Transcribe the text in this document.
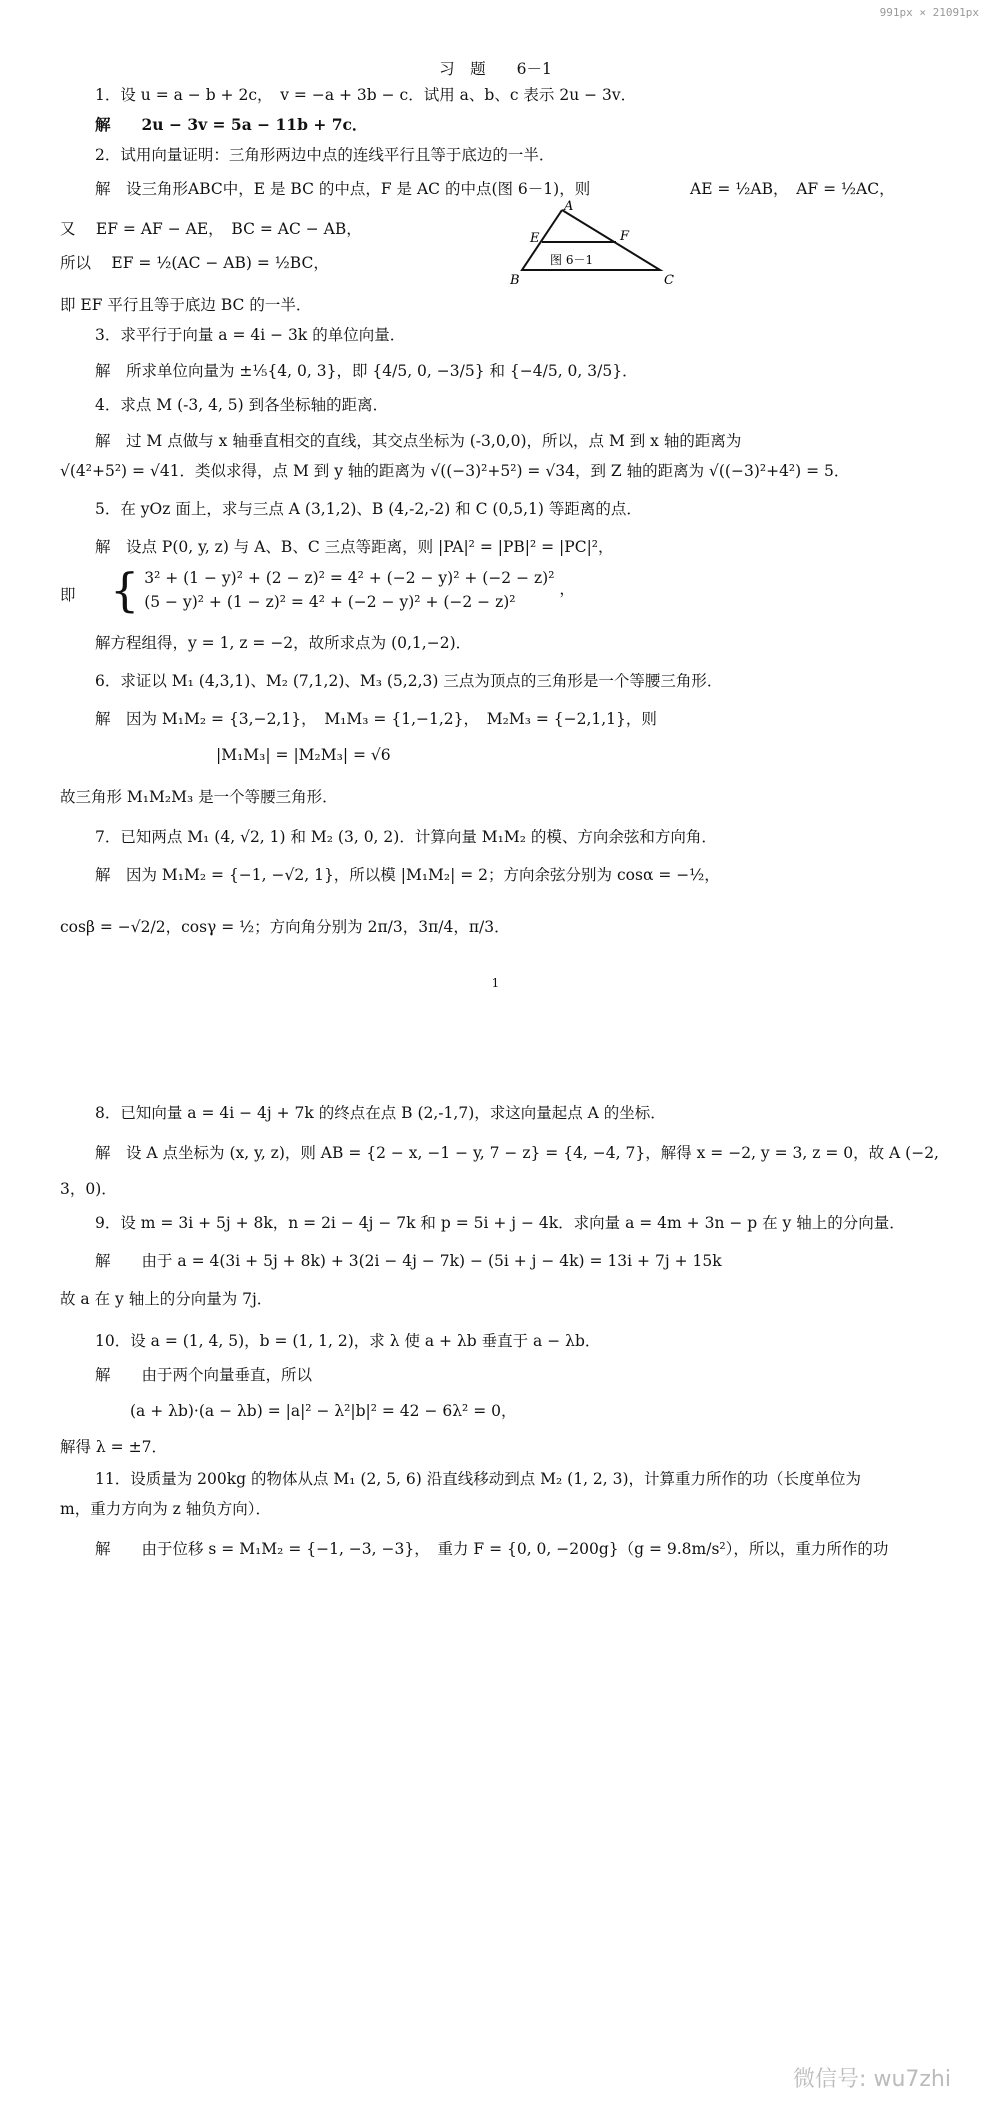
991px × 21091px
习　题　　6－1
1．设 u = a − b + 2c，　v = −a + 3b − c．试用 a、b、c 表示 2u − 3v．
解　　2u − 3v = 5a − 11b + 7c．
2．试用向量证明：三角形两边中点的连线平行且等于底边的一半．
解　设三角形ABC中，E 是 BC 的中点，F 是 AC 的中点(图 6－1)，则	AE = ½AB，　AF = ½AC，
又　 EF = AF − AE，　BC = AC − AB，
所以　 EF = ½(AC − AB) = ½BC，
即 EF 平行且等于底边 BC 的一半．
A
E	F
B	C
图 6－1
3．求平行于向量 a = 4i − 3k 的单位向量．
解　所求单位向量为 ±⅕{4, 0, 3}，即 {4/5, 0, −3/5} 和 {−4/5, 0, 3/5}．
4．求点 M (-3, 4, 5) 到各坐标轴的距离．
解　过 M 点做与 x 轴垂直相交的直线，其交点坐标为 (-3,0,0)，所以，点 M 到 x 轴的距离为
√(4²+5²) = √41．类似求得，点 M 到 y 轴的距离为 √((−3)²+5²) = √34，到 Z 轴的距离为 √((−3)²+4²) = 5．
5．在 yOz 面上，求与三点 A (3,1,2)、B (4,-2,-2) 和 C (0,5,1) 等距离的点．
解　设点 P(0, y, z) 与 A、B、C 三点等距离，则 |PA|² = |PB|² = |PC|²，
即 { 3² + (1 − y)² + (2 − z)² = 4² + (−2 − y)² + (−2 − z)²
(5 − y)² + (1 − z)² = 4² + (−2 − y)² + (−2 − z)²
，
解方程组得，y = 1, z = −2，故所求点为 (0,1,−2)．
6．求证以 M₁ (4,3,1)、M₂ (7,1,2)、M₃ (5,2,3) 三点为顶点的三角形是一个等腰三角形．
解　因为 M₁M₂ = {3,−2,1}，　M₁M₃ = {1,−1,2}，　M₂M₃ = {−2,1,1}，则
|M₁M₃| = |M₂M₃| = √6
故三角形 M₁M₂M₃ 是一个等腰三角形．
7．已知两点 M₁ (4, √2, 1) 和 M₂ (3, 0, 2)．计算向量 M₁M₂ 的模、方向余弦和方向角．
解　因为 M₁M₂ = {−1, −√2, 1}，所以模 |M₁M₂| = 2；方向余弦分别为 cosα = −½，
cosβ = −√2/2，cosγ = ½；方向角分别为 2π/3，3π/4，π/3．
1
8．已知向量 a = 4i − 4j + 7k 的终点在点 B (2,-1,7)，求这向量起点 A 的坐标．
解　设 A 点坐标为 (x, y, z)，则 AB = {2 − x, −1 − y, 7 − z} = {4, −4, 7}，解得 x = −2, y = 3, z = 0，故 A (−2,
3，0)．
9．设 m = 3i + 5j + 8k，n = 2i − 4j − 7k 和 p = 5i + j − 4k．求向量 a = 4m + 3n − p 在 y 轴上的分向量．
解　　由于 a = 4(3i + 5j + 8k) + 3(2i − 4j − 7k) − (5i + j − 4k) = 13i + 7j + 15k
故 a 在 y 轴上的分向量为 7j．
10．设 a = (1, 4, 5)，b = (1, 1, 2)，求 λ 使 a + λb 垂直于 a − λb．
解　　由于两个向量垂直，所以
(a + λb)·(a − λb) = |a|² − λ²|b|² = 42 − 6λ² = 0，
解得 λ = ±7．
11．设质量为 200kg 的物体从点 M₁ (2, 5, 6) 沿直线移动到点 M₂ (1, 2, 3)，计算重力所作的功（长度单位为
m，重力方向为 z 轴负方向）．
解　　由于位移 s = M₁M₂ = {−1, −3, −3}，　重力 F = {0, 0, −200g}（g = 9.8m/s²），所以，重力所作的功
微信号: wu7zhi
